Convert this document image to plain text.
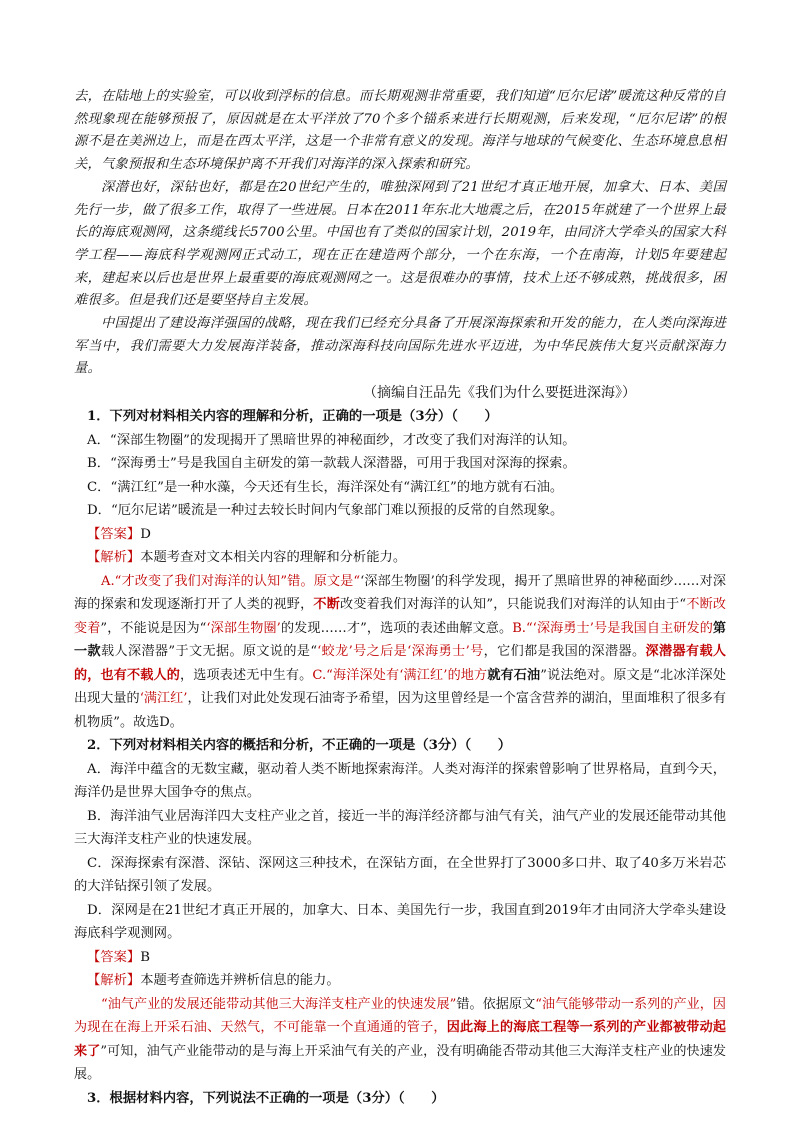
去，在陆地上的实验室，可以收到浮标的信息。而长期观测非常重要，我们知道“厄尔尼诺”暖流这种反常的自然现象现在能够预报了，原因就是在太平洋放了70个多个锚系来进行长期观测，后来发现，“厄尔尼诺”的根源不是在美洲边上，而是在西太平洋，这是一个非常有意义的发现。海洋与地球的气候变化、生态环境息息相关，气象预报和生态环境保护离不开我们对海洋的深入探索和研究。

深潜也好，深钻也好，都是在20世纪产生的，唯独深网到了21世纪才真正地开展，加拿大、日本、美国先行一步，做了很多工作，取得了一些进展。日本在2011年东北大地震之后，在2015年就建了一个世界上最长的海底观测网，这条缆线长5700公里。中国也有了类似的国家计划，2019年，由同济大学牵头的国家大科学工程——海底科学观测网正式动工，现在正在建造两个部分，一个在东海，一个在南海，计划5年要建起来，建起来以后也是世界上最重要的海底观测网之一。这是很难办的事情，技术上还不够成熟，挑战很多，困难很多。但是我们还是要坚持自主发展。

中国提出了建设海洋强国的战略，现在我们已经充分具备了开展深海探索和开发的能力，在人类向深海进军当中，我们需要大力发展海洋装备，推动深海科技向国际先进水平迈进，为中华民族伟大复兴贡献深海力量。

（摘编自汪品先《我们为什么要挺进深海》）

1．下列对材料相关内容的理解和分析，正确的一项是（3分）（　　）

A．“深部生物圈”的发现揭开了黑暗世界的神秘面纱，才改变了我们对海洋的认知。

B．“深海勇士”号是我国自主研发的第一款载人深潜器，可用于我国对深海的探索。

C．“满江红”是一种水藻，今天还有生长，海洋深处有“满江红”的地方就有石油。

D．“厄尔尼诺”暖流是一种过去较长时间内气象部门难以预报的反常的自然现象。

【答案】D

【解析】本题考查对文本相关内容的理解和分析能力。

A.“才改变了我们对海洋的认知”错。原文是“‘深部生物圈’的科学发现，揭开了黑暗世界的神秘面纱……对深海的探索和发现逐渐打开了人类的视野，不断改变着我们对海洋的认知”，只能说我们对海洋的认知由于“不断改变着”，不能说是因为“‘深部生物圈’的发现……才”，选项的表述曲解文意。B.“‘深海勇士’号是我国自主研发的第一款载人深潜器”于文无据。原文说的是“‘蛟龙’号之后是‘深海勇士’号，它们都是我国的深潜器。深潜器有载人的，也有不载人的，选项表述无中生有。C.“海洋深处有‘满江红’的地方就有石油”说法绝对。原文是“北冰洋深处出现大量的‘满江红’，让我们对此处发现石油寄予希望，因为这里曾经是一个富含营养的湖泊，里面堆积了很多有机物质”。故选D。

2．下列对材料相关内容的概括和分析，不正确的一项是（3分）（　　）

A．海洋中蕴含的无数宝藏，驱动着人类不断地探索海洋。人类对海洋的探索曾影响了世界格局，直到今天，海洋仍是世界大国争夺的焦点。

B．海洋油气业居海洋四大支柱产业之首，接近一半的海洋经济都与油气有关，油气产业的发展还能带动其他三大海洋支柱产业的快速发展。

C．深海探索有深潜、深钻、深网这三种技术，在深钻方面，在全世界打了3000多口井、取了40多万米岩芯的大洋钻探引领了发展。

D．深网是在21世纪才真正开展的，加拿大、日本、美国先行一步，我国直到2019年才由同济大学牵头建设海底科学观测网。

【答案】B

【解析】本题考查筛选并辨析信息的能力。

“油气产业的发展还能带动其他三大海洋支柱产业的快速发展”错。依据原文“油气能够带动一系列的产业，因为现在在海上开采石油、天然气，不可能靠一个直通通的管子，因此海上的海底工程等一系列的产业都被带动起来了”可知，油气产业能带动的是与海上开采油气有关的产业，没有明确能否带动其他三大海洋支柱产业的快速发展。

3．根据材料内容，下列说法不正确的一项是（3分）（　　）
